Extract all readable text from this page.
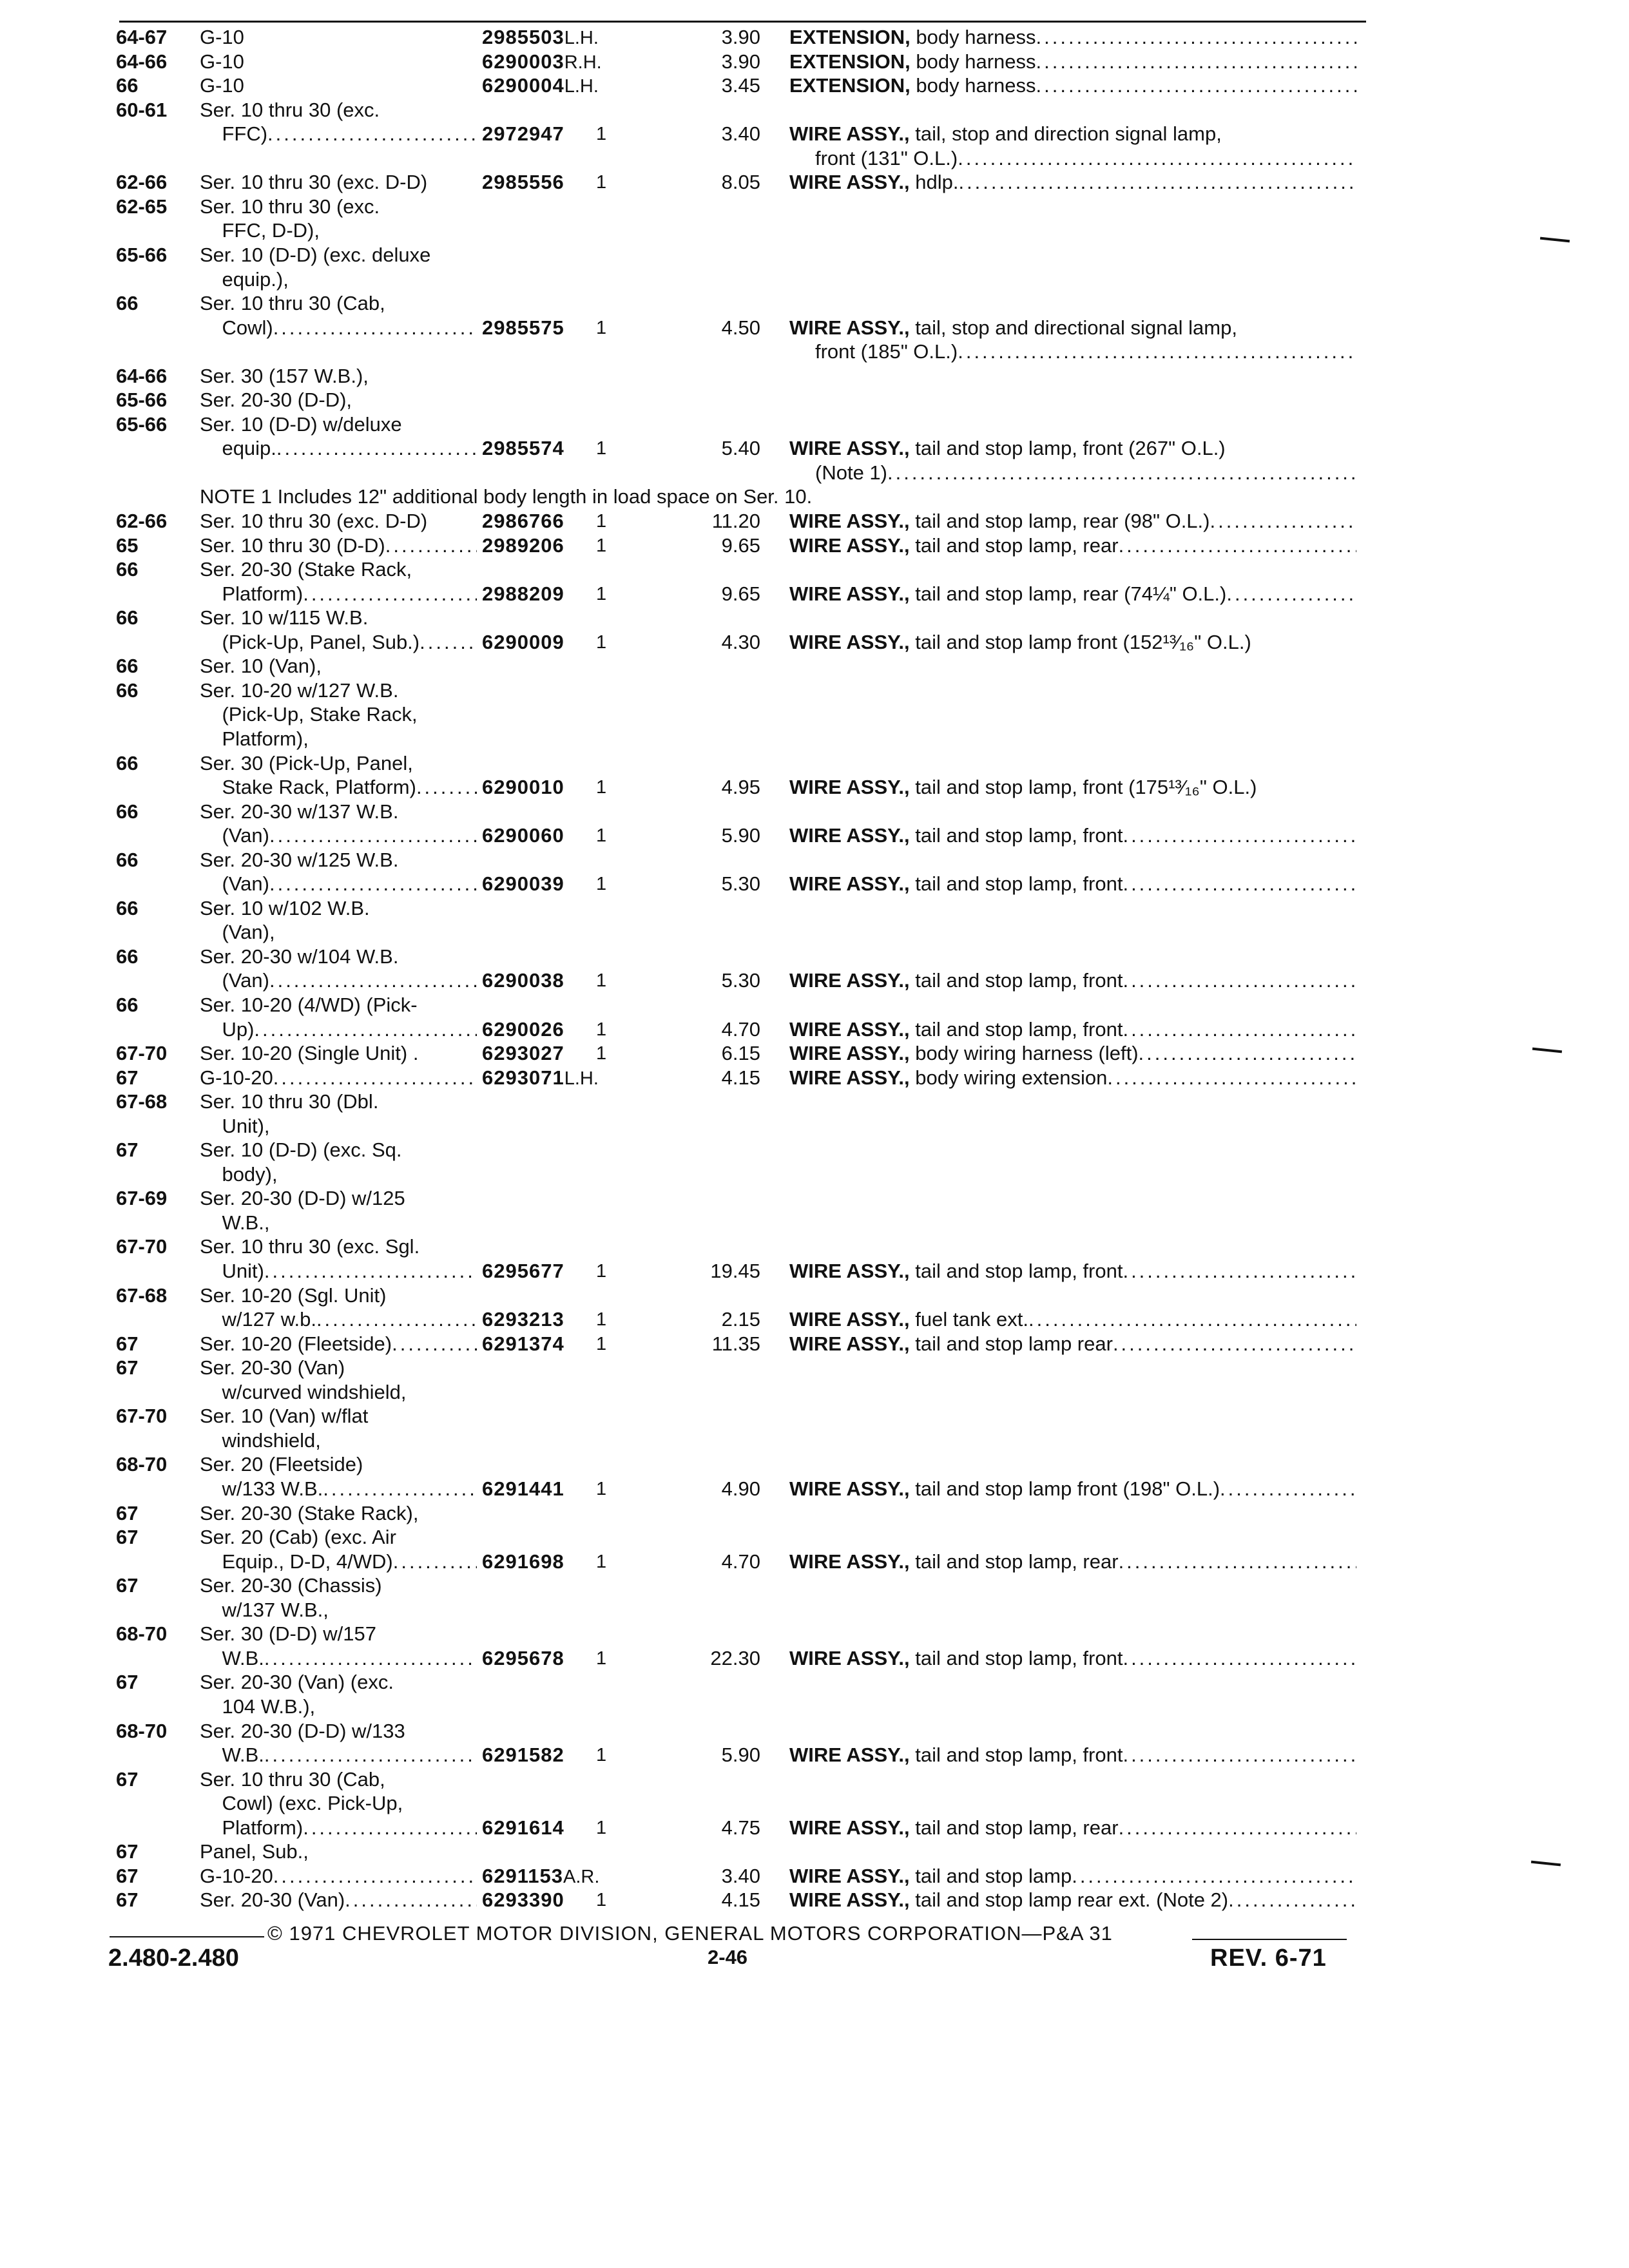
64-67	G-10	2985503L.H.	3.90 EXTENSION, body harness
.....
64-66	G-10	6290003R.H.	3.90 EXTENSION, body harness
.....
66	G-10	6290004L.H.	3.45 EXTENSION, body harness
.....
60-61	Ser. 10 thru 30 (exc.
FFC) .....	2972947 1	3.40 WIRE ASSY., tail, stop and direction signal lamp,
front (131" O.L.)
.....
62-66	Ser. 10 thru 30 (exc. D-D)	2985556 1	8.05 WIRE ASSY., hdlp.
.....
62-65	Ser. 10 thru 30 (exc.
FFC, D-D),
65-66	Ser. 10 (D-D) (exc. deluxe
equip.),
66	Ser. 10 thru 30 (Cab,
Cowl) .....	2985575 1	4.50 WIRE ASSY., tail, stop and directional signal lamp,
front (185" O.L.)
.....
64-66	Ser. 30 (157 W.B.),
65-66	Ser. 20-30 (D-D),
65-66	Ser. 10 (D-D) w/deluxe
equip. .....	2985574 1	5.40 WIRE ASSY., tail and stop lamp, front (267" O.L.)
(Note 1)
.....
NOTE 1 Includes 12" additional body length in load space on Ser. 10.
62-66	Ser. 10 thru 30 (exc. D-D)	2986766 1	11.20 WIRE ASSY., tail and stop lamp, rear (98" O.L.)
.....
65	Ser. 10 thru 30 (D-D) .....	2989206 1	9.65 WIRE ASSY., tail and stop lamp, rear
.....
66	Ser. 20-30 (Stake Rack,
Platform) .....	2988209 1	9.65 WIRE ASSY., tail and stop lamp, rear (74¼" O.L.)
.....
66	Ser. 10 w/115 W.B.
(Pick-Up, Panel, Sub.) .....	6290009 1	4.30 WIRE ASSY., tail and stop lamp front (152¹³⁄₁₆" O.L.)
66	Ser. 10 (Van),
66	Ser. 10-20 w/127 W.B.
(Pick-Up, Stake Rack,
Platform),
66	Ser. 30 (Pick-Up, Panel,
Stake Rack, Platform) .....	6290010 1	4.95 WIRE ASSY., tail and stop lamp, front (175¹³⁄₁₆" O.L.)
66	Ser. 20-30 w/137 W.B.
(Van) .....	6290060 1	5.90 WIRE ASSY., tail and stop lamp, front
.....
66	Ser. 20-30 w/125 W.B.
(Van) .....	6290039 1	5.30 WIRE ASSY., tail and stop lamp, front
.....
66	Ser. 10 w/102 W.B.
(Van),
66	Ser. 20-30 w/104 W.B.
(Van) .....	6290038 1	5.30 WIRE ASSY., tail and stop lamp, front
.....
66	Ser. 10-20 (4/WD) (Pick-
Up) .....	6290026 1	4.70 WIRE ASSY., tail and stop lamp, front
.....
67-70	Ser. 10-20 (Single Unit) .	6293027 1	6.15 WIRE ASSY., body wiring harness (left)
.....
67	G-10-20 .....	6293071L.H.	4.15 WIRE ASSY., body wiring extension
.....
67-68	Ser. 10 thru 30 (Dbl.
Unit),
67	Ser. 10 (D-D) (exc. Sq.
body),
67-69	Ser. 20-30 (D-D) w/125
W.B.,
67-70	Ser. 10 thru 30 (exc. Sgl.
Unit) .....	6295677 1	19.45 WIRE ASSY., tail and stop lamp, front
.....
67-68	Ser. 10-20 (Sgl. Unit)
w/127 w.b. .....	6293213 1	2.15 WIRE ASSY., fuel tank ext.
.....
67	Ser. 10-20 (Fleetside) .....	6291374 1	11.35 WIRE ASSY., tail and stop lamp rear
.....
67	Ser. 20-30 (Van)
w/curved windshield,
67-70	Ser. 10 (Van) w/flat
windshield,
68-70	Ser. 20 (Fleetside)
w/133 W.B. .....	6291441 1	4.90 WIRE ASSY., tail and stop lamp front (198" O.L.)
.....
67	Ser. 20-30 (Stake Rack),
67	Ser. 20 (Cab) (exc. Air
Equip., D-D, 4/WD) .....	6291698 1	4.70 WIRE ASSY., tail and stop lamp, rear
.....
67	Ser. 20-30 (Chassis)
w/137 W.B.,
68-70	Ser. 30 (D-D) w/157
W.B. .....	6295678 1	22.30 WIRE ASSY., tail and stop lamp, front
.....
67	Ser. 20-30 (Van) (exc.
104 W.B.),
68-70	Ser. 20-30 (D-D) w/133
W.B. .....	6291582 1	5.90 WIRE ASSY., tail and stop lamp, front
.....
67	Ser. 10 thru 30 (Cab,
Cowl) (exc. Pick-Up,
Platform) .....	6291614 1	4.75 WIRE ASSY., tail and stop lamp, rear
.....
67	Panel, Sub.,
67	G-10-20 .....	6291153A.R.	3.40 WIRE ASSY., tail and stop lamp
.....
67	Ser. 20-30 (Van) .....	6293390 1	4.15 WIRE ASSY., tail and stop lamp rear ext. (Note 2)
.....
© 1971 CHEVROLET MOTOR DIVISION, GENERAL MOTORS CORPORATION—P&A 31
2.480-2.480	2-46	REV. 6-71
